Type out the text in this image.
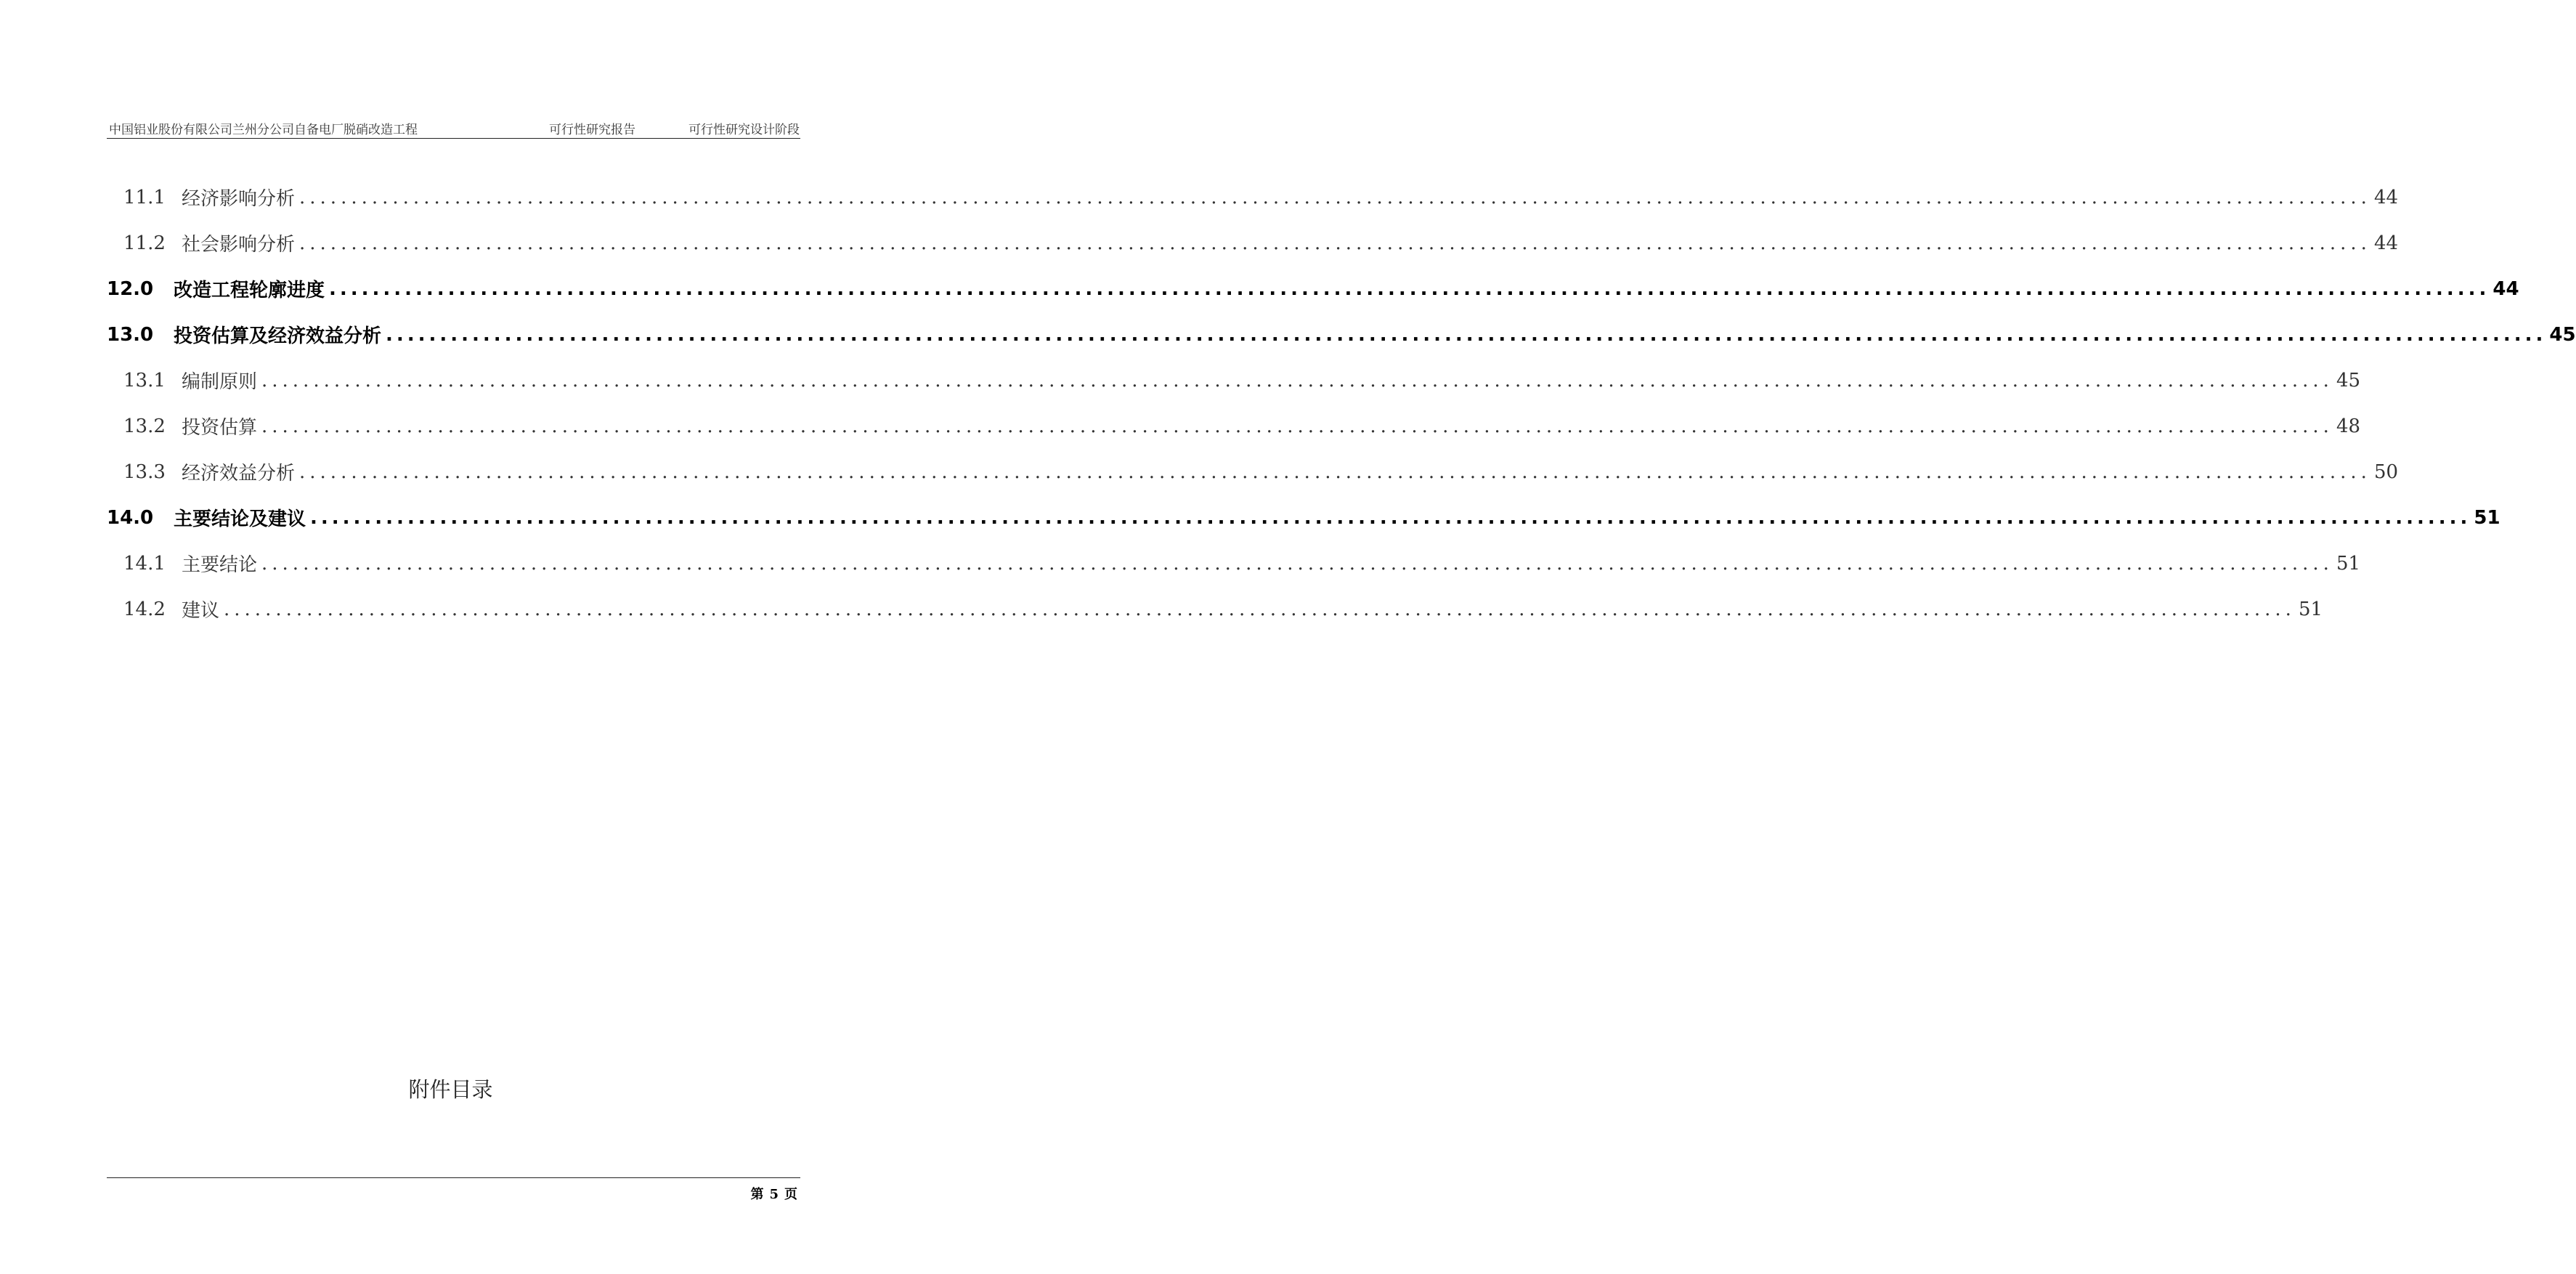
中国铝业股份有限公司兰州分公司自备电厂脱硝改造工程	可行性研究报告	可行性研究设计阶段
11.1 经济影响分析 ........................................................................................................................................................................................................ 44
11.2 社会影响分析 ........................................................................................................................................................................................................ 44
12.0	改造工程轮廓进度 ........................................................................................................................................................................................................ 44
13.0	投资估算及经济效益分析 ........................................................................................................................................................................................................ 45
13.1 编制原则 ........................................................................................................................................................................................................ 45
13.2 投资估算 ........................................................................................................................................................................................................ 48
13.3 经济效益分析 ........................................................................................................................................................................................................ 50
14.0	主要结论及建议 ........................................................................................................................................................................................................ 51
14.1 主要结论 ........................................................................................................................................................................................................ 51
14.2 建议 ........................................................................................................................................................................................................ 51
附件目录
第 5 页
